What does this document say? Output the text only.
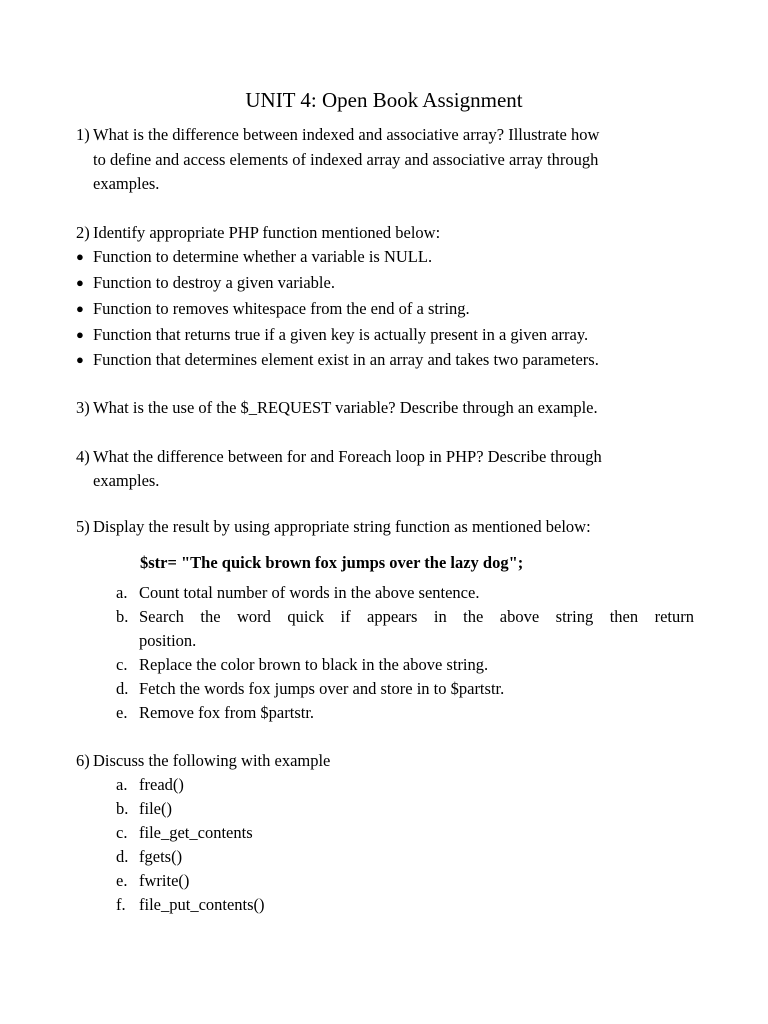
UNIT 4: Open Book Assignment
1) What is the difference between indexed and associative array? Illustrate how
to define and access elements of indexed array and associative array through
examples.
2) Identify appropriate PHP function mentioned below:
● Function to determine whether a variable is NULL.
● Function to destroy a given variable.
● Function to removes whitespace from the end of a string.
● Function that returns true if a given key is actually present in a given array.
● Function that determines element exist in an array and takes two parameters.
3) What is the use of the $_REQUEST variable? Describe through an example.
4) What the difference between for and Foreach loop in PHP? Describe through
examples.
5) Display the result by using appropriate string function as mentioned below:
$str= "The quick brown fox jumps over the lazy dog";
a. Count total number of words in the above sentence.
b. Search the word quick if appears in the above string then return
position.
c. Replace the color brown to black in the above string.
d. Fetch the words fox jumps over and store in to $partstr.
e. Remove fox from $partstr.
6) Discuss the following with example
a. fread()
b. file()
c. file_get_contents
d. fgets()
e. fwrite()
f. file_put_contents()
